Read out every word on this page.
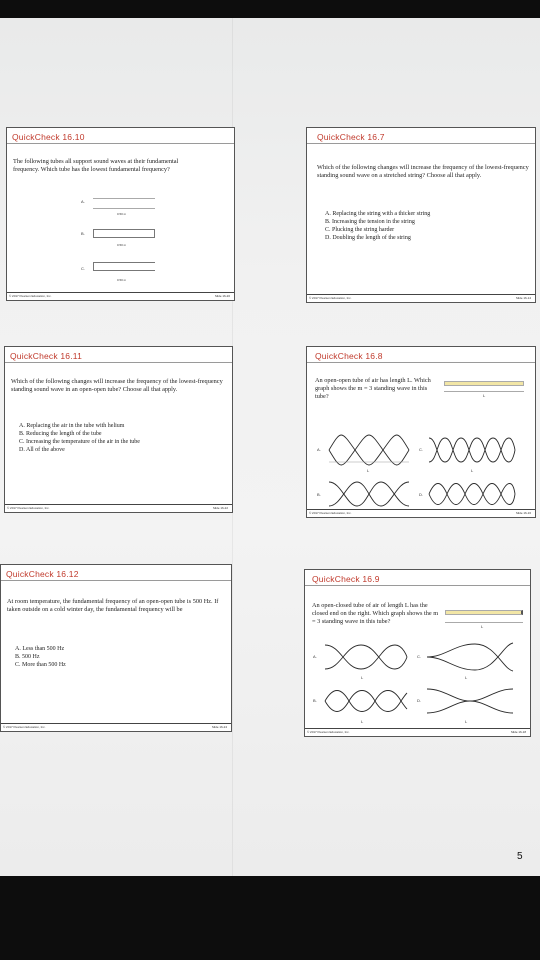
QuickCheck 16.10
The following tubes all support sound waves at their fundamental frequency. Which tube has the lowest fundamental frequency?
A.
0.50 m
B.
0.50 m
C.
0.50 m
© 2017 Pearson Education, Inc.	Slide 16-20
QuickCheck 16.7
Which of the following changes will increase the frequency of the lowest-frequency standing sound wave on a stretched string? Choose all that apply.
A. Replacing the string with a thicker string
B. Increasing the tension in the string
C. Plucking the string harder
D. Doubling the length of the string
© 2017 Pearson Education, Inc.	Slide 16-14
QuickCheck 16.11
Which of the following changes will increase the frequency of the lowest-frequency standing sound wave in an open-open tube? Choose all that apply.
A. Replacing the air in the tube with helium
B. Reducing the length of the tube
C. Increasing the temperature of the air in the tube
D. All of the above
© 2017 Pearson Education, Inc.	Slide 16-22
QuickCheck 16.8
An open-open tube of air has length L. Which graph shows the m = 3 standing wave in this tube?	L
A.
L
C.
L
B.	D.
© 2017 Pearson Education, Inc.	Slide 16-16
QuickCheck 16.12
At room temperature, the fundamental frequency of an open-open tube is 500 Hz. If taken outside on a cold winter day, the fundamental frequency will be
A. Less than 500 Hz
B. 500 Hz
C. More than 500 Hz
© 2017 Pearson Education, Inc.	Slide 16-24
QuickCheck 16.9
An open-closed tube of air of length L has the closed end on the right. Which graph shows the m = 3 standing wave in this tube?
L
A.
L
C.
L
B.
L
D.
L
© 2017 Pearson Education, Inc.	Slide 16-18
5
